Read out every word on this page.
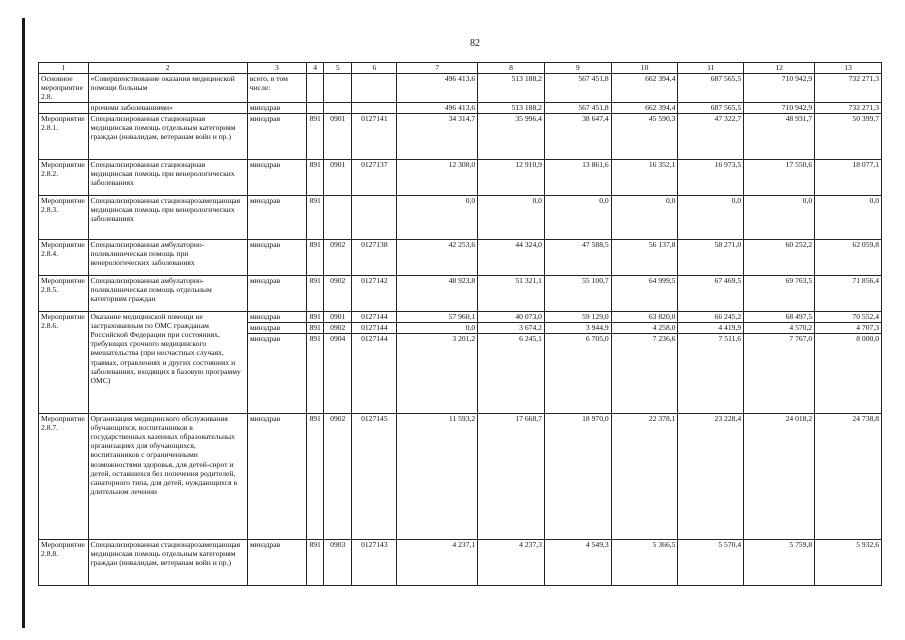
82
1	2	3	4	5	6	7	8	9	10	11	12	13
Основное мероприятие 2.8.	«Совершенствование оказания медицинской помощи больным	всего, в том числе:				496 413,6	513 188,2	567 451,8	662 394,4	687 565,5	710 942,9	732 271,3
	прочими заболеваниями»	минздрав				496 413,6	513 188,2	567 451,8	662 394,4	687 565,5	710 942,9	732 271,3
Мероприятие 2.8.1.	Специализированная стационарная медицинская помощь отдельным категориям граждан (инвалидам, ветеранам войн и пр.)	минздрав	891	0901	0127141	34 314,7	35 996,4	38 647,4	45 590,3	47 322,7	48 931,7	50 399,7
Мероприятие 2.8.2.	Специализированная стационарная медицинская помощь при венерологических заболеваниях	минздрав	891	0901	0127137	12 308,0	12 910,9	13 861,6	16 352,1	16 973,5	17 550,6	18 077,1
Мероприятие 2.8.3.	Специализированная стационарозамещающая медицинская помощь при венерологических заболеваниях	минздрав	891			0,0	0,0	0,0	0,0	0,0	0,0	0,0
Мероприятие 2.8.4.	Специализированная амбулаторно-поликлиническая помощь при венерологических заболеваниях	минздрав	891	0902	0127138	42 253,6	44 324,0	47 588,5	56 137,8	58 271,0	60 252,2	62 059,8
Мероприятие 2.8.5.	Специализированная амбулаторно-поликлиническая помощь отдельным категориям граждан	минздрав	891	0902	0127142	48 923,8	51 321,1	55 100,7	64 999,5	67 469,5	69 763,5	71 856,4
Мероприятие 2.8.6.	Оказание медицинской помощи не застрахованным по ОМС гражданам Российской Федерации при состояниях, требующих срочного медицинского вмешательства (при несчастных случаях, травмах, отравлениях и других состояниях и заболеваниях, входящих в базовую программу ОМС)	минздрав	891	0901	0127144	57 960,1	40 073,0	59 129,0	63 820,0	66 245,2	68 497,5	70 552,4
		минздрав	891	0902	0127144	0,0	3 674,2	3 944,9	4 258,0	4 419,9	4 570,2	4 707,3
		минздрав	891	0904	0127144	3 201,2	6 245,1	6 705,0	7 236,6	7 511,6	7 767,0	8 000,0
Мероприятие 2.8.7.	Организация медицинского обслуживания обучающихся, воспитанников в государственных казенных образовательных организациях для обучающихся, воспитанников с ограниченными возможностями здоровья, для детей-сирот и детей, оставшихся без попечения родителей, санаторного типа, для детей, нуждающихся в длительном лечении	минздрав	891	0902	0127145	11 593,2	17 668,7	18 970,0	22 378,1	23 228,4	24 018,2	24 738,8
Мероприятие 2.8.8.	Специализированная стационарозамещающая медицинская помощь отдельным категориям граждан (инвалидам, ветеранам войн и пр.)	минздрав	891	0903	0127143	4 237,1	4 237,3	4 549,3	5 366,5	5 570,4	5 759,8	5 932,6
